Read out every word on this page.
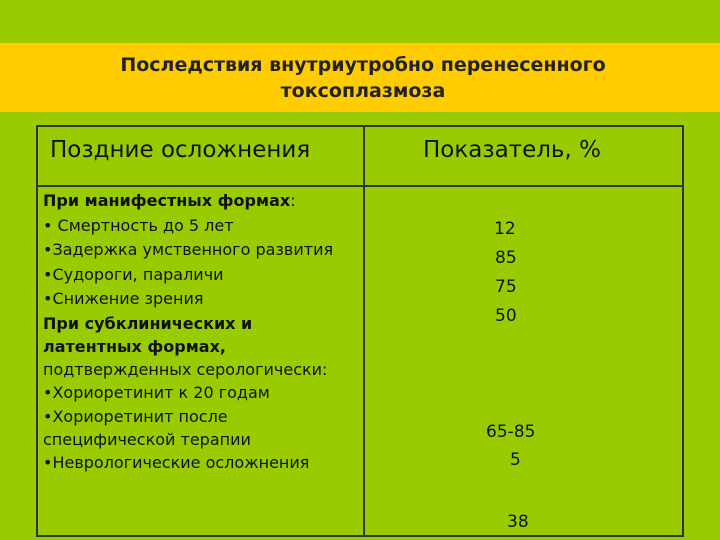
Последствия внутриутробно перенесенного
токсоплазмоза
Поздние осложнения	Показатель, %
При манифестных формах:
• Смертность до 5 лет
•Задержка умственного развития
•Судороги, параличи
•Снижение зрения
При субклинических и
латентных формах,
подтвержденных серологически:
•Хориоретинит к 20 годам
•Хориоретинит после
специфической терапии
•Неврологические осложнения
12
85
75
50
65-85
5
38
